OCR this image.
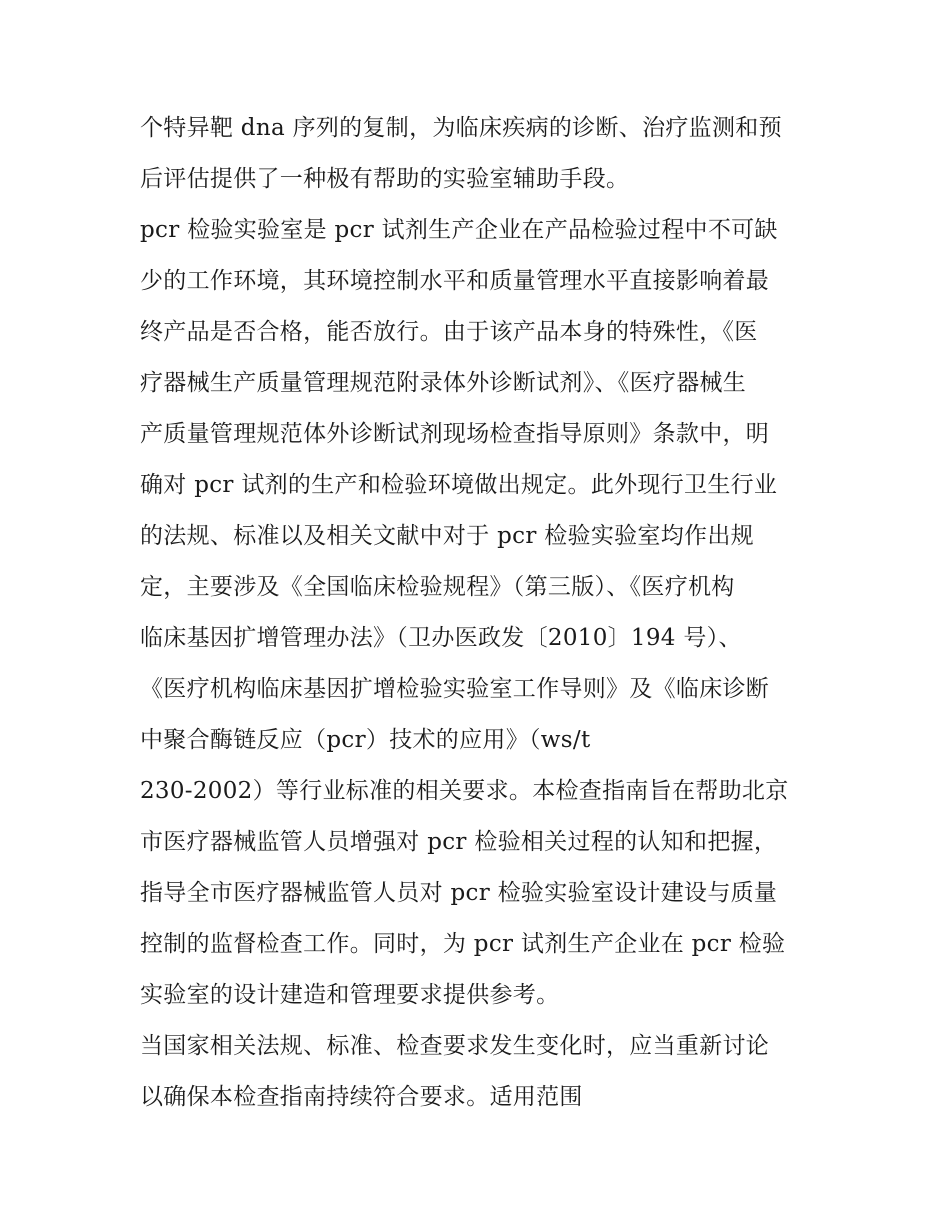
个特异靶 dna 序列的复制，为临床疾病的诊断、治疗监测和预
后评估提供了一种极有帮助的实验室辅助手段。
pcr 检验实验室是 pcr 试剂生产企业在产品检验过程中不可缺
少的工作环境，其环境控制水平和质量管理水平直接影响着最
终产品是否合格，能否放行。由于该产品本身的特殊性，《医
疗器械生产质量管理规范附录体外诊断试剂》、《医疗器械生
产质量管理规范体外诊断试剂现场检查指导原则》条款中，明
确对 pcr 试剂的生产和检验环境做出规定。此外现行卫生行业
的法规、标准以及相关文献中对于 pcr 检验实验室均作出规
定，主要涉及《全国临床检验规程》（第三版）、《医疗机构
临床基因扩增管理办法》（卫办医政发〔2010〕194 号）、
《医疗机构临床基因扩增检验实验室工作导则》及《临床诊断
中聚合酶链反应（pcr）技术的应用》（ws/t
230-2002）等行业标准的相关要求。本检查指南旨在帮助北京
市医疗器械监管人员增强对 pcr 检验相关过程的认知和把握，
指导全市医疗器械监管人员对 pcr 检验实验室设计建设与质量
控制的监督检查工作。同时，为 pcr 试剂生产企业在 pcr 检验
实验室的设计建造和管理要求提供参考。
当国家相关法规、标准、检查要求发生变化时，应当重新讨论
以确保本检查指南持续符合要求。适用范围
